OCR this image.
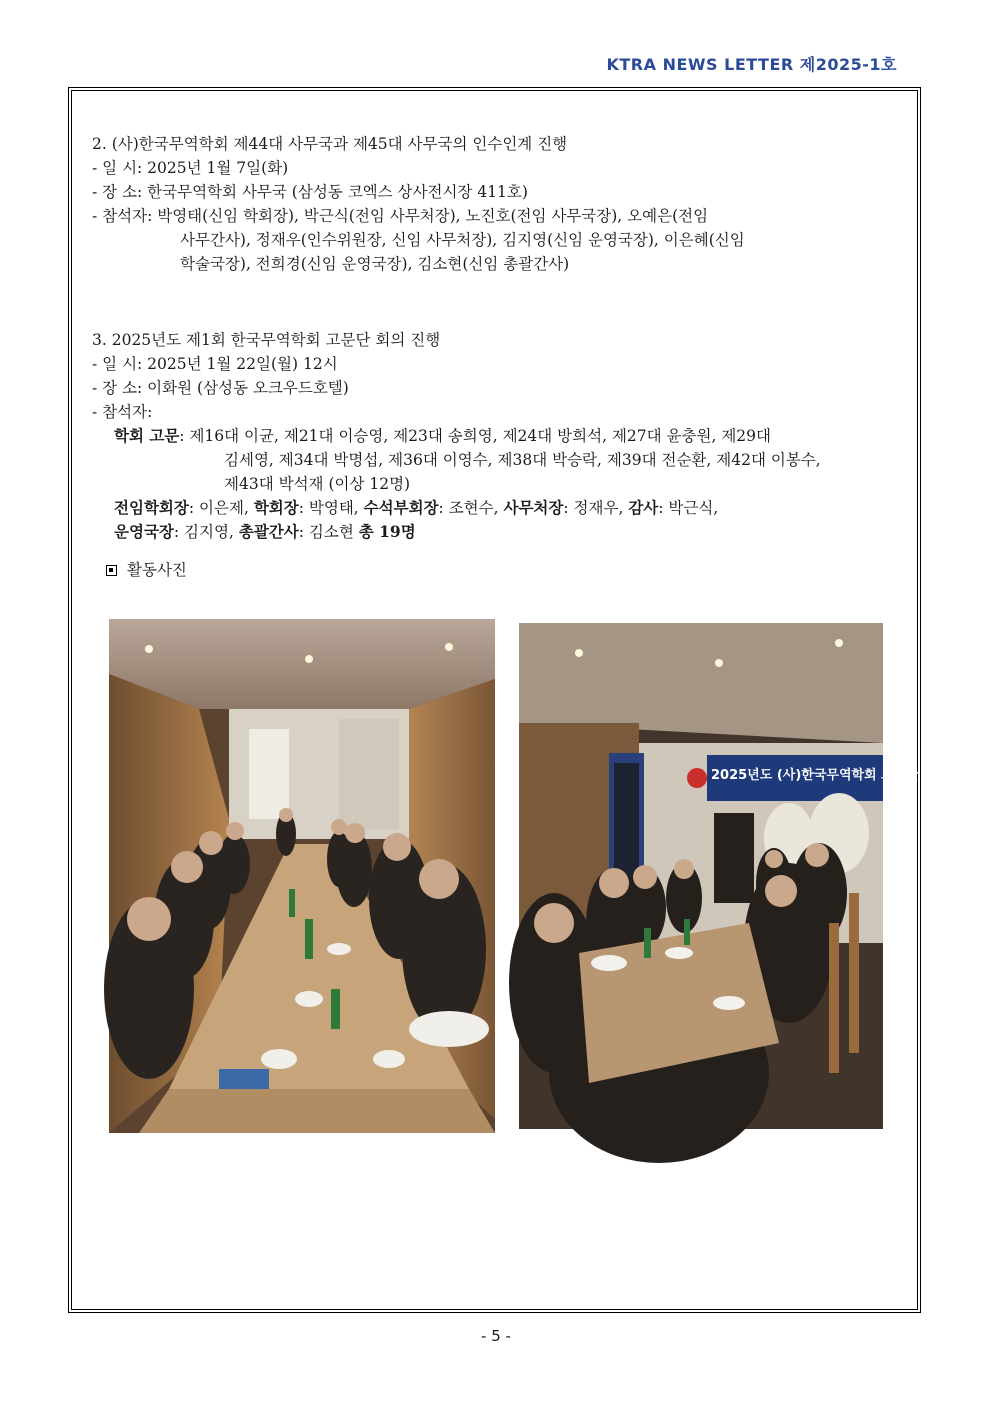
KTRA NEWS LETTER 제2025-1호
2. (사)한국무역학회 제44대 사무국과 제45대 사무국의 인수인계 진행
- 일 시: 2025년 1월 7일(화)
- 장 소: 한국무역학회 사무국 (삼성동 코엑스 상사전시장 411호)
- 참석자: 박영태(신임 학회장), 박근식(전임 사무처장), 노진호(전임 사무국장), 오예은(전임
사무간사), 정재우(인수위원장, 신임 사무처장), 김지영(신임 운영국장), 이은혜(신임
학술국장), 전희경(신임 운영국장), 김소현(신임 총괄간사)
3. 2025년도 제1회 한국무역학회 고문단 회의 진행
- 일 시: 2025년 1월 22일(월) 12시
- 장 소: 이화원 (삼성동 오크우드호텔)
- 참석자:
학회 고문: 제16대 이균, 제21대 이승영, 제23대 송희영, 제24대 방희석, 제27대 윤충원, 제29대
김세영, 제34대 박명섭, 제36대 이영수, 제38대 박승락, 제39대 전순환, 제42대 이봉수,
제43대 박석재 (이상 12명)
전임학회장: 이은제, 학회장: 박영태, 수석부회장: 조현수, 사무처장: 정재우, 감사: 박근식,
운영국장: 김지영, 총괄간사: 김소현 총 19명
활동사진
2025년도 (사)한국무역학회 고문단 회의
- 5 -
